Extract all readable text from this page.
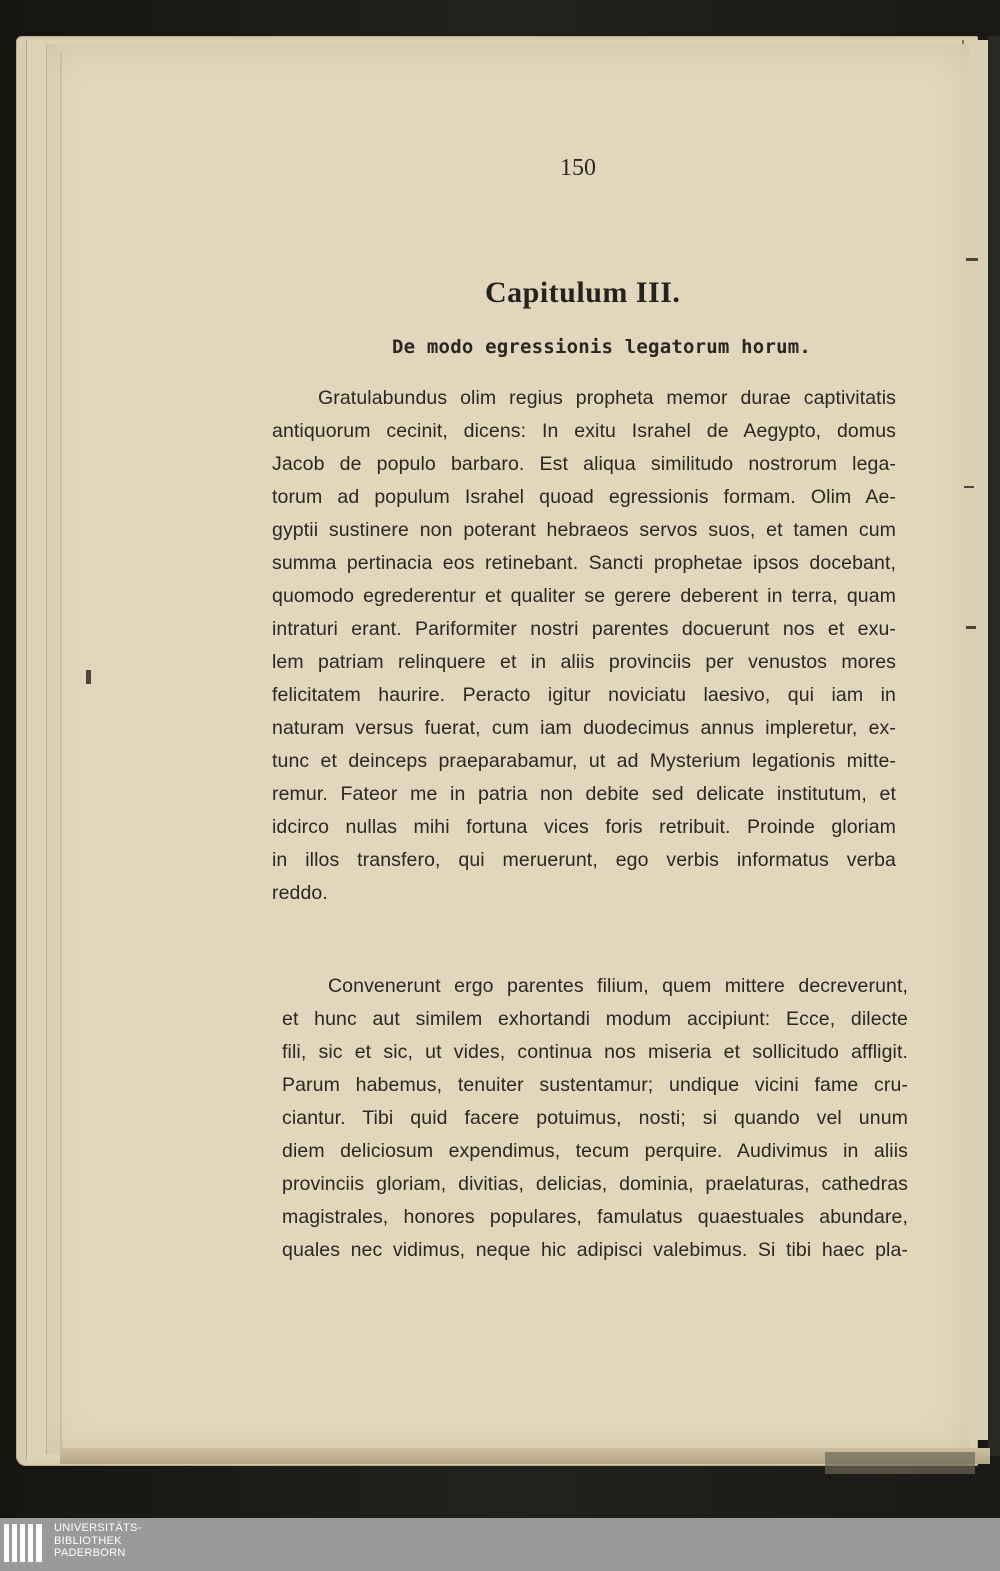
150
Capitulum III.
De modo egressionis legatorum horum.
Gratulabundus olim regius propheta memor durae captivitatis
antiquorum cecinit, dicens: In exitu Israhel de Aegypto, domus
Jacob de populo barbaro. Est aliqua similitudo nostrorum lega-
torum ad populum Israhel quoad egressionis formam. Olim Ae-
gyptii sustinere non poterant hebraeos servos suos, et tamen cum
summa pertinacia eos retinebant. Sancti prophetae ipsos docebant,
quomodo egrederentur et qualiter se gerere deberent in terra, quam
intraturi erant. Pariformiter nostri parentes docuerunt nos et exu-
lem patriam relinquere et in aliis provinciis per venustos mores
felicitatem haurire. Peracto igitur noviciatu laesivo, qui iam in
naturam versus fuerat, cum iam duodecimus annus impleretur, ex-
tunc et deinceps praeparabamur, ut ad Mysterium legationis mitte-
remur. Fateor me in patria non debite sed delicate institutum, et
idcirco nullas mihi fortuna vices foris retribuit. Proinde gloriam
in illos transfero, qui meruerunt, ego verbis informatus verba
reddo.
Convenerunt ergo parentes filium, quem mittere decreverunt,
et hunc aut similem exhortandi modum accipiunt: Ecce, dilecte
fili, sic et sic, ut vides, continua nos miseria et sollicitudo affligit.
Parum habemus, tenuiter sustentamur; undique vicini fame cru-
ciantur. Tibi quid facere potuimus, nosti; si quando vel unum
diem deliciosum expendimus, tecum perquire. Audivimus in aliis
provinciis gloriam, divitias, delicias, dominia, praelaturas, cathedras
magistrales, honores populares, famulatus quaestuales abundare,
quales nec vidimus, neque hic adipisci valebimus. Si tibi haec pla-
UNIVERSITÄTS-
BIBLIOTHEK
PADERBORN
